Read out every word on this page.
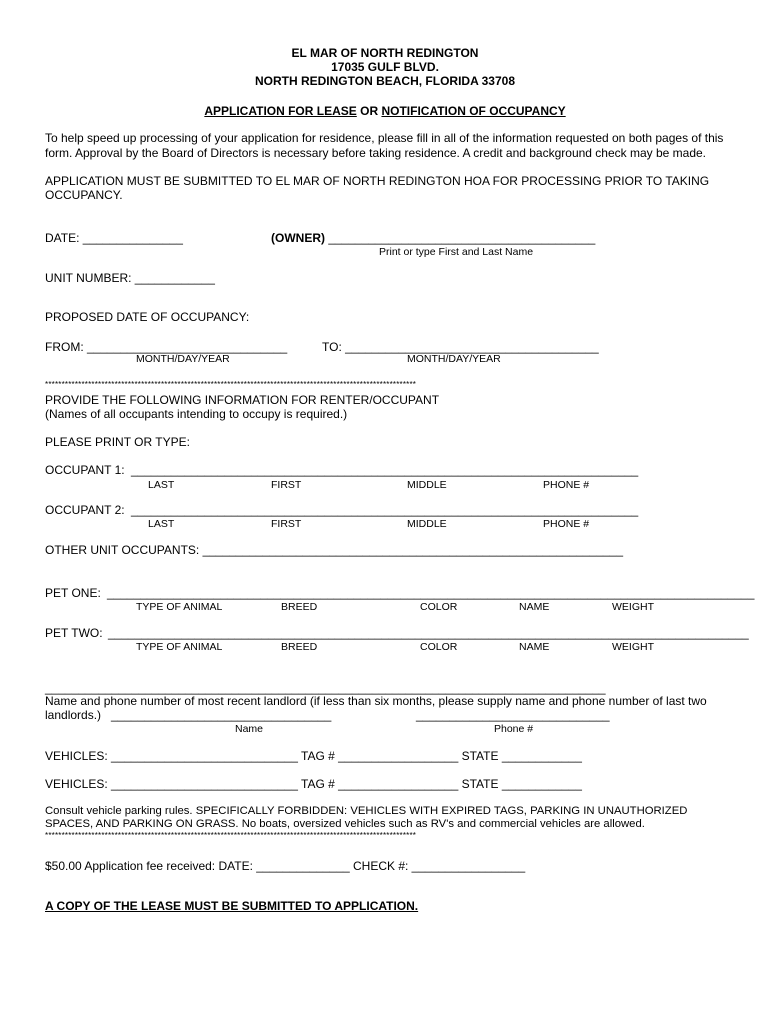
EL MAR OF NORTH REDINGTON
17035 GULF BLVD.
NORTH REDINGTON BEACH, FLORIDA 33708
APPLICATION FOR LEASE OR NOTIFICATION OF OCCUPANCY
To help speed up processing of your application for residence, please fill in all of the information requested on both pages of this
form. Approval by the Board of Directors is necessary before taking residence. A credit and background check may be made.
APPLICATION MUST BE SUBMITTED TO EL MAR OF NORTH REDINGTON HOA FOR PROCESSING PRIOR TO TAKING
OCCUPANCY.
DATE: _______________	(OWNER) ________________________________________
Print or type First and Last Name
UNIT NUMBER: ____________
PROPOSED DATE OF OCCUPANCY:
FROM: ______________________________	TO: ______________________________________
MONTH/DAY/YEAR	MONTH/DAY/YEAR
****************************************************************************************************************
PROVIDE THE FOLLOWING INFORMATION FOR RENTER/OCCUPANT
(Names of all occupants intending to occupy is required.)
PLEASE PRINT OR TYPE:
OCCUPANT 1: ____________________________________________________________________________
LAST	FIRST	MIDDLE	PHONE #
OCCUPANT 2: ____________________________________________________________________________
LAST	FIRST	MIDDLE	PHONE #
OTHER UNIT OCCUPANTS: _______________________________________________________________
PET ONE: _________________________________________________________________________________________________
TYPE OF ANIMAL	BREED	COLOR	NAME	WEIGHT
PET TWO: ________________________________________________________________________________________________
TYPE OF ANIMAL	BREED	COLOR	NAME	WEIGHT
____________________________________________________________________________________
Name and phone number of most recent landlord (if less than six months, please supply name and phone number of last two
landlords.) _________________________________	_____________________________
Name	Phone #
VEHICLES: ____________________________ TAG # __________________ STATE ____________
VEHICLES: ____________________________ TAG # __________________ STATE ____________
Consult vehicle parking rules. SPECIFICALLY FORBIDDEN: VEHICLES WITH EXPIRED TAGS, PARKING IN UNAUTHORIZED
SPACES, AND PARKING ON GRASS. No boats, oversized vehicles such as RV's and commercial vehicles are allowed.
****************************************************************************************************************
$50.00 Application fee received: DATE: ______________ CHECK #: _________________
A COPY OF THE LEASE MUST BE SUBMITTED TO APPLICATION.
